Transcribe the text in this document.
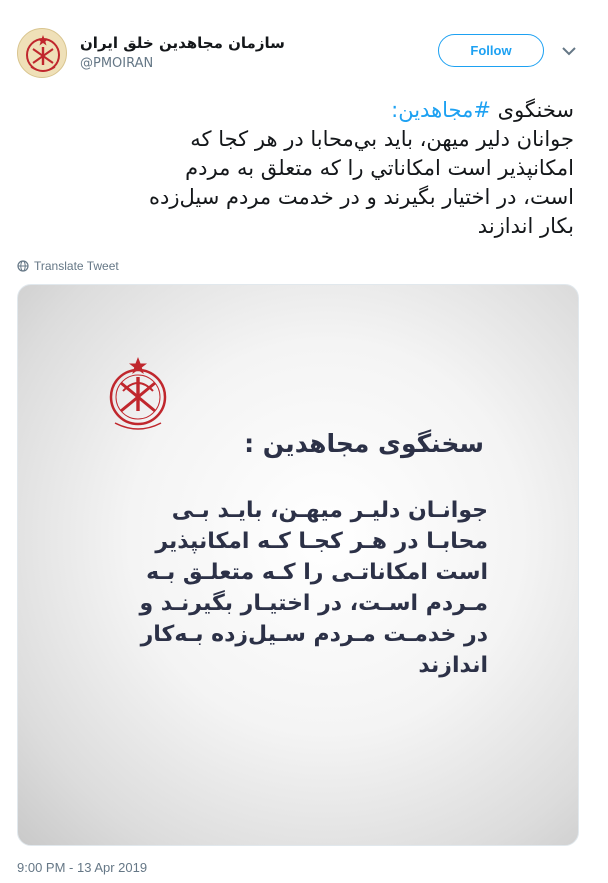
سازمان مجاهدین خلق ایران
@PMOIRAN
Follow
سخنگوی #مجاهدین:
جوانان دلیر میهن، باید بي‌محابا در هر کجا که
امکانپذیر است امکاناتي را که متعلق به مردم
است، در اختیار بگیرند و در خدمت مردم سیل‌زده
بکار اندازند
Translate Tweet
سخنگوی مجاهدین :
جوانـان دلیـر میهـن، بایـد بـی
محابـا در هـر کجـا کـه امکانپذیر
است امکاناتـی را کـه متعلـق بـه
مـردم اسـت، در اختیـار بگیرنـد و
در خدمـت مـردم سـیل‌زده بـه‌کار
اندازند
9:00 PM - 13 Apr 2019
